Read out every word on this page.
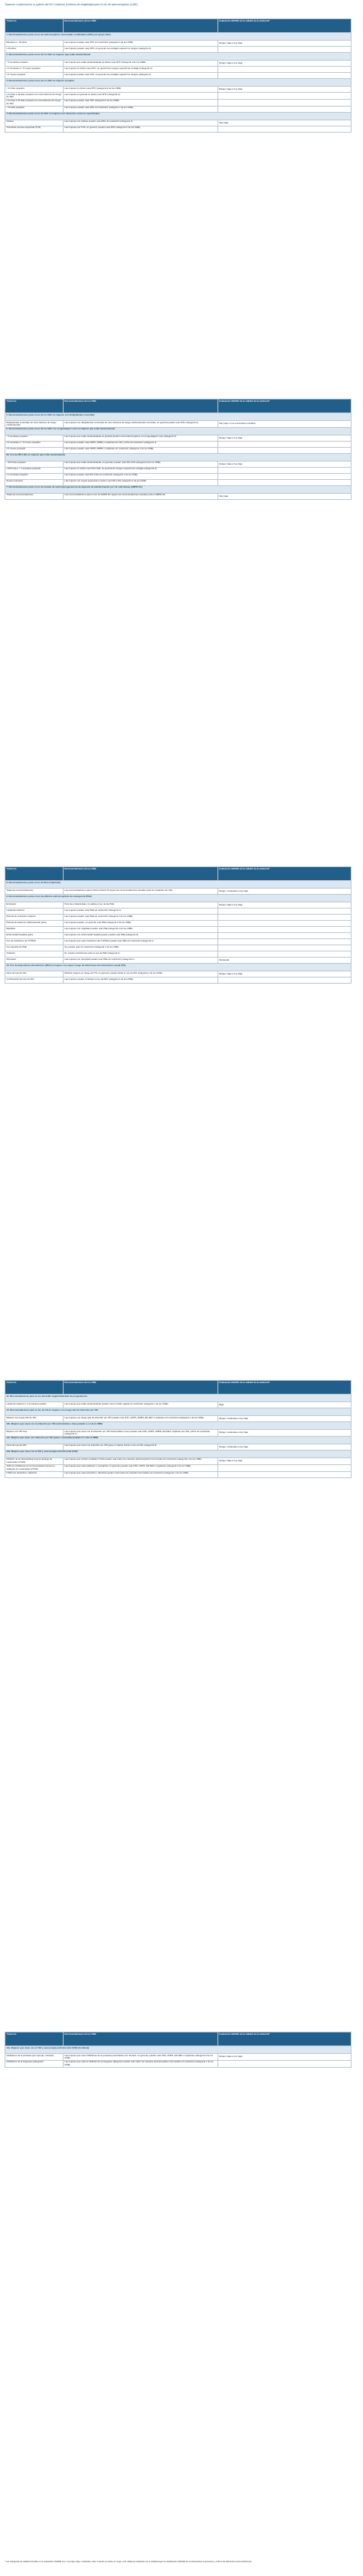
Trastorno conductual en la opinión del ISO Gobierno (Criterios de elegibilidad para el uso de anticonceptivos (CME)
Trastorno	Recomendaciones de los CME	Evaluación GRADE de la calidad de la evidencia*
1. Recomendaciones para el uso de anticonceptivos hormonales combinados (AHC) por grupo etario		
Menarca a < 40 años	Las mujeres pueden usar AHC sin restricción (categoría 1 de los CME).	Rango: baja a muy baja
≥ 40 años	Las mujeres pueden usar AHC; en general, las ventajas superan los riesgos (categoría 2).	
2. Recomendaciones para el uso de los AHC en mujeres que están amamantando		
< 6 semanas posparto	Las mujeres que están amamantando no deben usar AHC (categoría 4 de los CME).	Rango: baja a muy baja
≥ 6 semanas a < 6 meses posparto	Las mujeres no deben usar AHC; en general los riesgos superan las ventajas (categoría 3).	
≥ 6 meses posparto	Las mujeres pueden usar AHC; en general, las ventajas superan los riesgos (categoría 2).	
3. Recomendaciones para el uso de los AHC en mujeres posparto		
< 21 días posparto	Las mujeres no deben usar AHC (categoría 4 de los CME).	Rango: baja a muy baja
≥ 21 días a 42 días posparto con otros factores de riesgo de TEV	Las mujeres en general no deben usar AHC (categoría 3).	
≥ 21 días a 42 días posparto sin otros factores de riesgo de TEV	Las mujeres pueden usar AHC (categoría 2 de los CME).	
> 42 días posparto	Las mujeres pueden usar AHC sin restricción (categoría 1 de los CME).	
4. Recomendaciones para el uso de AHC en mujeres con trastornos venosos superficiales		
Várices	Las mujeres con várices pueden usar AHC sin restricción (categoría 1).	Muy baja
Trombosis venosa superficial (TVS)	Las mujeres con TVS, en general, pueden usar AHC (categoría 2 de los CME).	
Trastorno	Recomendaciones de los CME	Evaluación GRADE de la calidad de la evidencia*
5. Recomendaciones para el uso de los AHC en mujeres con dislipidemias conocidas		
Dislipidemias conocidas sin otros factores de riesgo cardiovascular	Las mujeres con dislipidemias conocidas sin otros factores de riesgo cardiovascular conocidos, en general pueden usar AHC (categoría 2).	Muy baja: no se encontraron estudios
6. Recomendaciones para el uso de los AHC con progestágeno solo en mujeres que están amamantando		
< 6 semanas posparto	Las mujeres que están amamantando en general pueden usar anticonceptivos con progestágeno solo (categoría 2).	Rango: baja a muy baja
≥ 6 semanas a < 6 meses posparto	Las mujeres pueden usar AOPS, AMPD y implantes de LNG y ETG sin restricción (categoría 1).	
≥ 6 meses posparto	Las mujeres pueden usar AOPS, AMPD y implantes sin restricción (categoría 1 de los CME).	
6b. Uso de DIU-LNG en mujeres que están amamantando		
< 48 horas posparto	Las mujeres que están amamantando, en general, pueden usar DIU-LNG (categoría 2 de los CME).	Rango: baja a muy baja
≥ 48 horas a < 4 semanas posparto	Las mujeres no deben usar DIU-LNG; en general los riesgos superan las ventajas (categoría 3).	
≥ 4 semanas posparto	Las mujeres pueden usar DIU-LNG sin restricción (categoría 1 de los CME).	
Sepsis puerperal	Las mujeres con sepsis puerperal no deben usar DIU-LNG (categoría 4 de los CME).	
7. Recomendaciones para el uso de acetato de medroxiprogesterona de depósito de administración por vía subcutánea (AMPD-SC)		
Todas las recomendaciones	Las recomendaciones para el uso de AMPD-SC siguen las recomendaciones actuales para el AMPD-IM.	Muy baja
Trastorno	Recomendaciones de los CME	Evaluación GRADE de la calidad de la evidencia*
8. Recomendaciones para el uso de Sino-implant (II)		
Todas las recomendaciones	Las recomendaciones para el Sino-implant (II) siguen las recomendaciones actuales para los implantes de LNG.	Rango: moderada a muy baja
9. Recomendaciones para el uso de píldoras anticonceptivas de emergencia (PAE)		
Embarazo	Para las embarazadas, no aplica el uso de las PAE.	Rango: baja a muy baja
Lactancia materna	Las mujeres pueden usar PAE sin restricción (categoría 1).	
Historia de embarazo ectópico	Las mujeres pueden usar PAE sin restricción (categoría 1 de los CME).	
Historia de trastorno cardiovascular grave	Las mujeres pueden, en general, usar PAE (categoría 2 de los CME).	
Migrañas	Las mujeres con migrañas pueden usar PAE (categoría 2 de los CME).	
Enfermedad hepática grave	Las mujeres con enfermedad hepática grave pueden usar PAE (categoría 2).	
Uso de inductores de CYP3A4	Las mujeres que usan inductores del CYP3A4 pueden usar PAE sin restricción (categoría 1).	
Uso repetido de PAE	Se pueden usar sin restricción (categoría 1 de los CME).	
Violación	No existen restricciones para el uso de PAE (categoría 1).	
Obesidad	Las mujeres con obesidad pueden usar PAE sin restricción (categoría 1).	Moderada
10. Uso de dispositivos intrauterinos (DIU) en mujeres con mayor riesgo de infecciones de transmisión sexual (ITS)		
Inicio del uso de DIU	Muchas mujeres en riesgo de ITS, en general, pueden iniciar el uso de DIU (categoría 2 de los CME).	Rango: baja a muy baja
Continuación del uso de DIU	Las mujeres pueden continuar el uso del DIU (categoría 2 de los CME).	
Trastorno	Recomendaciones de los CME	Evaluación GRADE de la calidad de la evidencia*
11. Recomendaciones para el uso del anillo vaginal liberador de progesterona		
Lactancia materna ≥ 4 semanas posparto	Las mujeres que están amamantando pueden usar el anillo vaginal sin restricción (categoría 1 de los CME).	Baja
12. Recomendaciones para el uso de AH en mujeres con riesgo alto de infección por VIH		
Mujeres con riesgo alto de VIH	Las mujeres con riesgo alto de infección por VIH pueden usar AHC, AOPS, AMPD, EN-NET e implantes sin restricción (categoría 1 de los CME).	Rango: moderada a muy baja
12b. Mujeres que viven con la infección por VIH asintomática o leve (estadio 1 o 2 de la OMS)		
Mujeres con VIH leve	Las mujeres que viven con la infección por VIH asintomática o leve pueden usar AHC, AOPS, AMPD, EN-NET, implantes de LNG y ETG sin restricción (categoría 1).	Rango: moderada a muy baja
12c. Mujeres que viven con infección por VIH grave o avanzada (estadio 3 o 4 de la OMS)		
Inicio del uso de DIU	Las mujeres que viven con infección por VIH grave no deben iniciar el uso de DIU (categoría 3).	Rango: moderada a muy baja
12d. Mujeres que viven con el VIH y usan terapia antirretroviral (TAR)		
Inhibidor de la transcriptasa inversa análogo de nucleósidos (ITIAN)	Las mujeres que reciben cualquier ITIAN pueden usar todos los métodos anticonceptivos hormonales sin restricción (categoría 1 de los CME).	Rango: baja a muy baja
TAR con inhibidores de la transcriptasa inversa no análogos de nucleósidos (ITINN)	Las mujeres que usan efavirenz o nevirapina, en general, pueden usar AHC, AOPS, EN-NET e implantes (categoría 2 de los CME).	
ITINN con etravirina o rilpivirina	Las mujeres que usan etravirina o rilpivirina pueden usar todos los métodos hormonales sin restricción (categoría 1 de los CME).	
Trastorno	Recomendaciones de los CME	Evaluación GRADE de la calidad de la evidencia*
12e. Mujeres que viven con el VIH y usan terapia antirretroviral (TAR) (Continúa)		
Inhibidores de la proteasa (por ejemplo, ritonavir)	Las mujeres que usan inhibidores de la proteasa potenciados con ritonavir, en general, pueden usar AHC, AOPS, EN-NET e implantes (categoría 2 de los CME).	Rango: baja a muy baja
Inhibidores de la integrasa (raltegravir)	Las mujeres que usan el inhibidor de la integrasa raltegravir pueden usar todos los métodos anticonceptivos hormonales sin restricción (categoría 1 de los CME).	
* Las categorías de calidad incluidas en la evaluación GRADE son: muy baja, baja, moderada y alta. Cuando se indica un rango, esto refleja la evaluación de la calidad según la clasificación GRADE de los desenlaces importantes y críticos de diferentes recomendaciones.
